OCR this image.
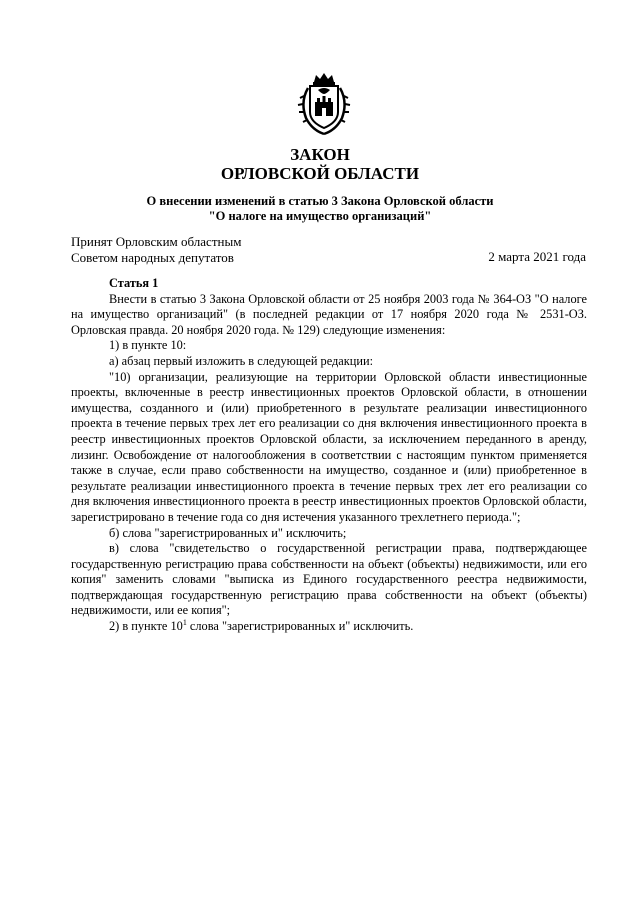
ЗАКОН
ОРЛОВСКОЙ ОБЛАСТИ
О внесении изменений в статью 3 Закона Орловской области
"О налоге на имущество организаций"
Принят Орловским областным
Советом народных депутатов	2 марта 2021 года

Статья 1

Внести в статью 3 Закона Орловской области от 25 ноября 2003 года № 364-ОЗ "О налоге на имущество организаций" (в последней редакции от 17 ноября 2020 года № 2531-ОЗ. Орловская правда. 20 ноября 2020 года. № 129) следующие изменения:

1) в пункте 10:

а) абзац первый изложить в следующей редакции:

"10) организации, реализующие на территории Орловской области инвестиционные проекты, включенные в реестр инвестиционных проектов Орловской области, в отношении имущества, созданного и (или) приобретенного в результате реализации инвестиционного проекта в течение первых трех лет его реализации со дня включения инвестиционного проекта в реестр инвестиционных проектов Орловской области, за исключением переданного в аренду, лизинг. Освобождение от налогообложения в соответствии с настоящим пунктом применяется также в случае, если право собственности на имущество, созданное и (или) приобретенное в результате реализации инвестиционного проекта в течение первых трех лет его реализации со дня включения инвестиционного проекта в реестр инвестиционных проектов Орловской области, зарегистрировано в течение года со дня истечения указанного трехлетнего периода.";

б) слова "зарегистрированных и" исключить;

в) слова "свидетельство о государственной регистрации права, подтверждающее государственную регистрацию права собственности на объект (объекты) недвижимости, или его копия" заменить словами "выписка из Единого государственного реестра недвижимости, подтверждающая государственную регистрацию права собственности на объект (объекты) недвижимости, или ее копия";

2) в пункте $10^1$ слова "зарегистрированных и" исключить.
